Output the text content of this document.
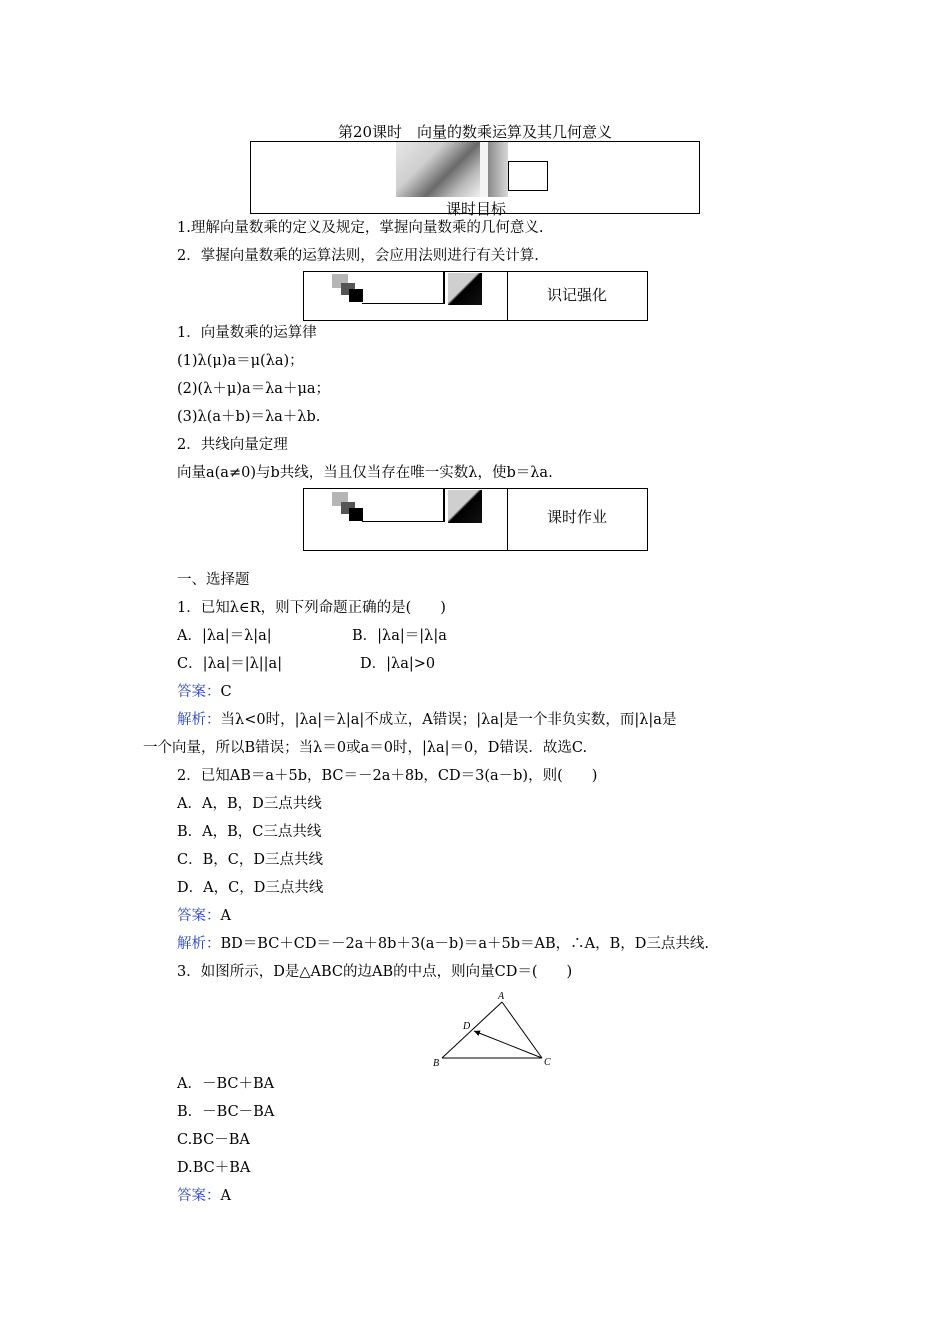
第20课时　向量的数乘运算及其几何意义
课时目标
1.理解向量数乘的定义及规定，掌握向量数乘的几何意义.
2．掌握向量数乘的运算法则，会应用法则进行有关计算.
识记强化
1．向量数乘的运算律
(1)λ(μ)a＝μ(λa)；
(2)(λ＋μ)a＝λa＋μa；
(3)λ(a＋b)＝λa＋λb.
2．共线向量定理
向量a(a≠0)与b共线，当且仅当存在唯一实数λ，使b＝λa.
课时作业
一、选择题
1．已知λ∈R，则下列命题正确的是(　　)
A．|λa|＝λ|a|	B．|λa|＝|λ|a
C．|λa|＝|λ||a|	D．|λa|>0
答案：C
解析：当λ<0时，|λa|＝λ|a|不成立，A错误；|λa|是一个非负实数，而|λ|a是
一个向量，所以B错误；当λ＝0或a＝0时，|λa|＝0，D错误．故选C.
2．已知AB＝a＋5b，BC＝－2a＋8b，CD＝3(a－b)，则(　　)
A．A，B，D三点共线
B．A，B，C三点共线
C．B，C，D三点共线
D．A，C，D三点共线
答案：A
解析：BD＝BC＋CD＝－2a＋8b＋3(a－b)＝a＋5b＝AB，∴A，B，D三点共线.
3．如图所示，D是△ABC的边AB的中点，则向量CD＝(　　)
A
B	C
D
A．－BC＋BA
B．－BC－BA
C.BC－BA
D.BC＋BA
答案：A
